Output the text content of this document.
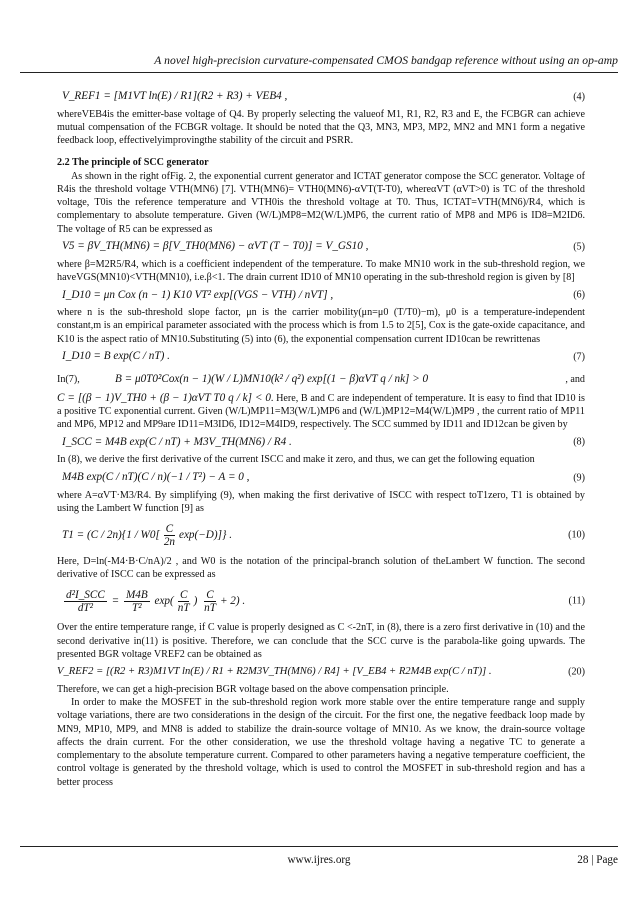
A novel high-precision curvature-compensated CMOS bandgap reference without using an op-amp
V_REF1 = [M1VT ln(E) / R1](R2 + R3) + VEB4 ,	(4)

whereVEB4is the emitter-base voltage of Q4. By properly selecting the valueof M1, R1, R2, R3 and E, the FCBGR can achieve mutual compensation of the FCBGR voltage. It should be noted that the Q3, MN3, MP3, MP2, MN2 and MN1 form a negative feedback loop, effectivelyimprovingthe stability of the circuit and PSRR.

2.2 The principle of SCC generator

As shown in the right ofFig. 2, the exponential current generator and ICTAT generator compose the SCC generator. Voltage of R4is the threshold voltage VTH(MN6) [7]. VTH(MN6)= VTH0(MN6)-αVT(T-T0), whereαVT (αVT>0) is TC of the threshold voltage, T0is the reference temperature and VTH0is the threshold voltage at T0. Thus, ICTAT=VTH(MN6)/R4, which is complementary to absolute temperature. Given (W/L)MP8=M2(W/L)MP6, the current ratio of MP8 and MP6 is ID8=M2ID6. The voltage of R5 can be expressed as

V5 = βV_TH(MN6) = β[V_TH0(MN6) − αVT (T − T0)] = V_GS10 ,	(5)

where β=M2R5/R4, which is a coefficient independent of the temperature. To make MN10 work in the sub-threshold region, we haveVGS(MN10)<VTH(MN10), i.e.β<1. The drain current ID10 of MN10 operating in the sub-threshold region is given by [8]

I_D10 = μn Cox (n − 1) K10 VT² exp[(VGS − VTH) / nVT] ,	(6)

where n is the sub-threshold slope factor, μn is the carrier mobility(μn=μ0 (T/T0)−m), μ0 is a temperature-independent constant,m is an empirical parameter associated with the process which is from 1.5 to 2[5], Cox is the gate-oxide capacitance, and K10 is the aspect ratio of MN10.Substituting (5) into (6), the exponential compensation current ID10can be rewrittenas

I_D10 = B exp(C / nT) .	(7)
In(7),	B = μ0T0²Cox(n − 1)(W / L)MN10(k² / q²) exp[(1 − β)αVT q / nk] > 0	, and

C = [(β − 1)V_TH0 + (β − 1)αVT T0 q / k] < 0. Here, B and C are independent of temperature. It is easy to find that ID10 is a positive TC exponential current. Given (W/L)MP11=M3(W/L)MP6 and (W/L)MP12=M4(W/L)MP9 , the current ratio of MP11 and MP6, MP12 and MP9are ID11=M3ID6, ID12=M4ID9, respectively. The SCC summed by ID11 and ID12can be given by

I_SCC = M4B exp(C / nT) + M3V_TH(MN6) / R4 .	(8)

In (8), we derive the first derivative of the current ISCC and make it zero, and thus, we can get the following equation

M4B exp(C / nT)(C / n)(−1 / T²) − A = 0 ,	(9)

where A=αVT·M3/R4. By simplifying (9), when making the first derivative of ISCC with respect toT1zero, T1 is obtained by using the Lambert W function [9] as

$T1 = (C / 2n)\{1 / W0[ \frac{C}{2n} \exp(-D)]\}$ .	(10)

Here, D=ln(-M4·B·C/nA)/2 , and W0 is the notation of the principal-branch solution of theLambert W function. The second derivative of ISCC can be expressed as

$\frac{\text{d²I\_SCC}}{\text{dT²}} = \frac{M4B}{\text{T²}} \exp( \frac{C}{nT}$ ) $\frac{C}{nT} + 2$) .	(11)

Over the entire temperature range, if C value is properly designed as C <-2nT, in (8), there is a zero first derivative in (10) and the second derivative in(11) is positive. Therefore, we can conclude that the SCC curve is the parabola-like going upwards. The presented BGR voltage VREF2 can be obtained as

V_REF2 = [(R2 + R3)M1VT ln(E) / R1 + R2M3V_TH(MN6) / R4] + [V_EB4 + R2M4B exp(C / nT)] .	(20)

Therefore, we can get a high-precision BGR voltage based on the above compensation principle.

In order to make the MOSFET in the sub-threshold region work more stable over the entire temperature range and supply voltage variations, there are two considerations in the design of the circuit. For the first one, the negative feedback loop made by MN9, MP10, MP9, and MN8 is added to stabilize the drain-source voltage of MN10. As we know, the drain-source voltage affects the drain current. For the other consideration, we use the threshold voltage having a negative TC to generate a complementary to the absolute temperature current. Compared to other parameters having a negative temperature coefficient, the control voltage is generated by the threshold voltage, which is used to control the MOSFET in sub-threshold region and has a better process

www.ijres.org	28 | Page
